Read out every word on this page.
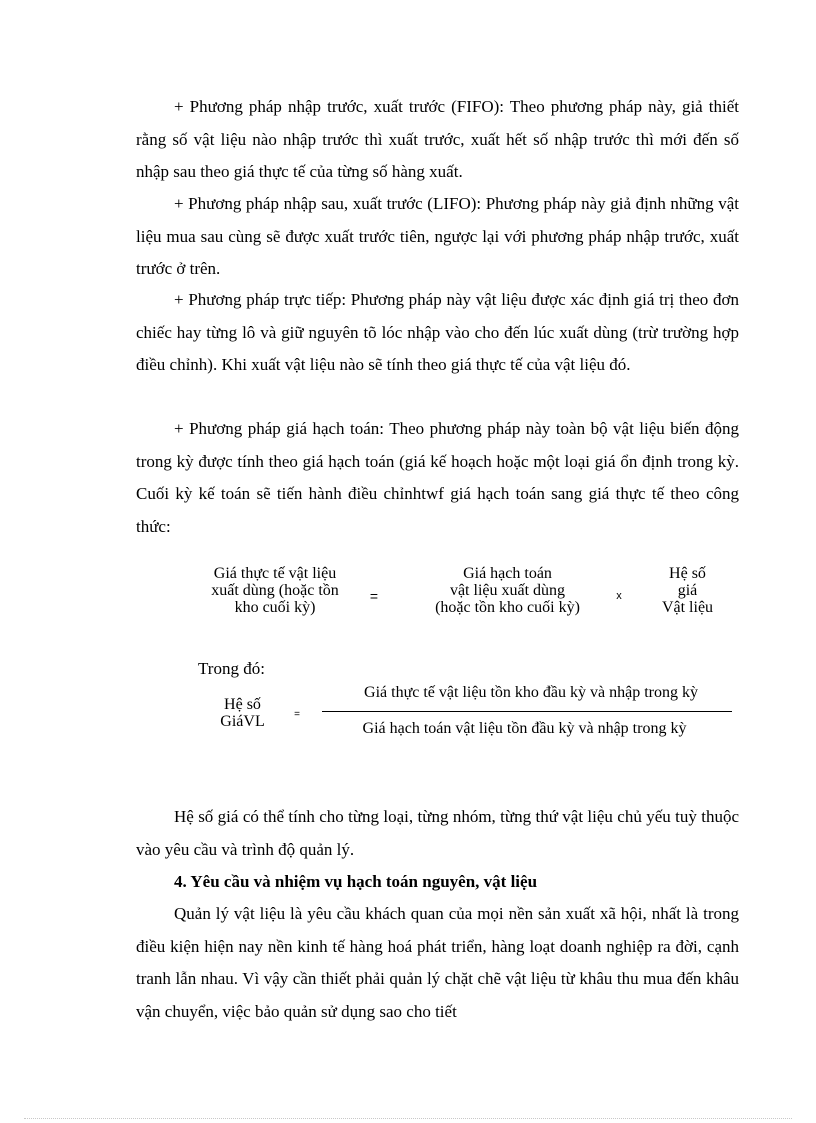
+ Phương pháp nhập trước, xuất trước (FIFO): Theo phương pháp này, giả thiết rằng số vật liệu nào nhập trước thì xuất trước, xuất hết số nhập trước thì mới đến số nhập sau theo giá thực tế của từng số hàng xuất.

+ Phương pháp nhập sau, xuất trước (LIFO): Phương pháp này giả định những vật liệu mua sau cùng sẽ được xuất trước tiên, ngược lại với phương pháp nhập trước, xuất trước ở trên.

+ Phương pháp trực tiếp: Phương pháp này vật liệu được xác định giá trị theo đơn chiếc hay từng lô và giữ nguyên tõ lóc nhập vào cho đến lúc xuất dùng (trừ trường hợp điều chỉnh). Khi xuất vật liệu nào sẽ tính theo giá thực tế của vật liệu đó.

+ Phương pháp giá hạch toán: Theo phương pháp này toàn bộ vật liệu biến động trong kỳ được tính theo giá hạch toán (giá kế hoạch hoặc một loại giá ổn định trong kỳ. Cuối kỳ kế toán sẽ tiến hành điều chỉnhtwf giá hạch toán sang giá thực tế theo công thức:

Giá thực tế vật liệu
xuất dùng (hoặc tồn
kho cuối kỳ)
=
Giá hạch toán
vật liệu xuất dùng
(hoặc tồn kho cuối kỳ)
x
Hệ số
giá
Vật liệu
Trong đó:
Hệ số
GiáVL	=
Giá thực tế vật liệu tồn kho đầu kỳ và nhập trong kỳ
Giá hạch toán vật liệu tồn đầu kỳ và nhập trong kỳ

Hệ số giá có thể tính cho từng loại, từng nhóm, từng thứ vật liệu chủ yếu tuỳ thuộc vào yêu cầu và trình độ quản lý.

4. Yêu cầu và nhiệm vụ hạch toán nguyên, vật liệu

Quản lý vật liệu là yêu cầu khách quan của mọi nền sản xuất xã hội, nhất là trong điều kiện hiện nay nền kinh tế hàng hoá phát triển, hàng loạt doanh nghiệp ra đời, cạnh tranh lẫn nhau. Vì vậy cần thiết phải quản lý chặt chẽ vật liệu từ khâu thu mua đến khâu vận chuyển, việc bảo quản sử dụng sao cho tiết
